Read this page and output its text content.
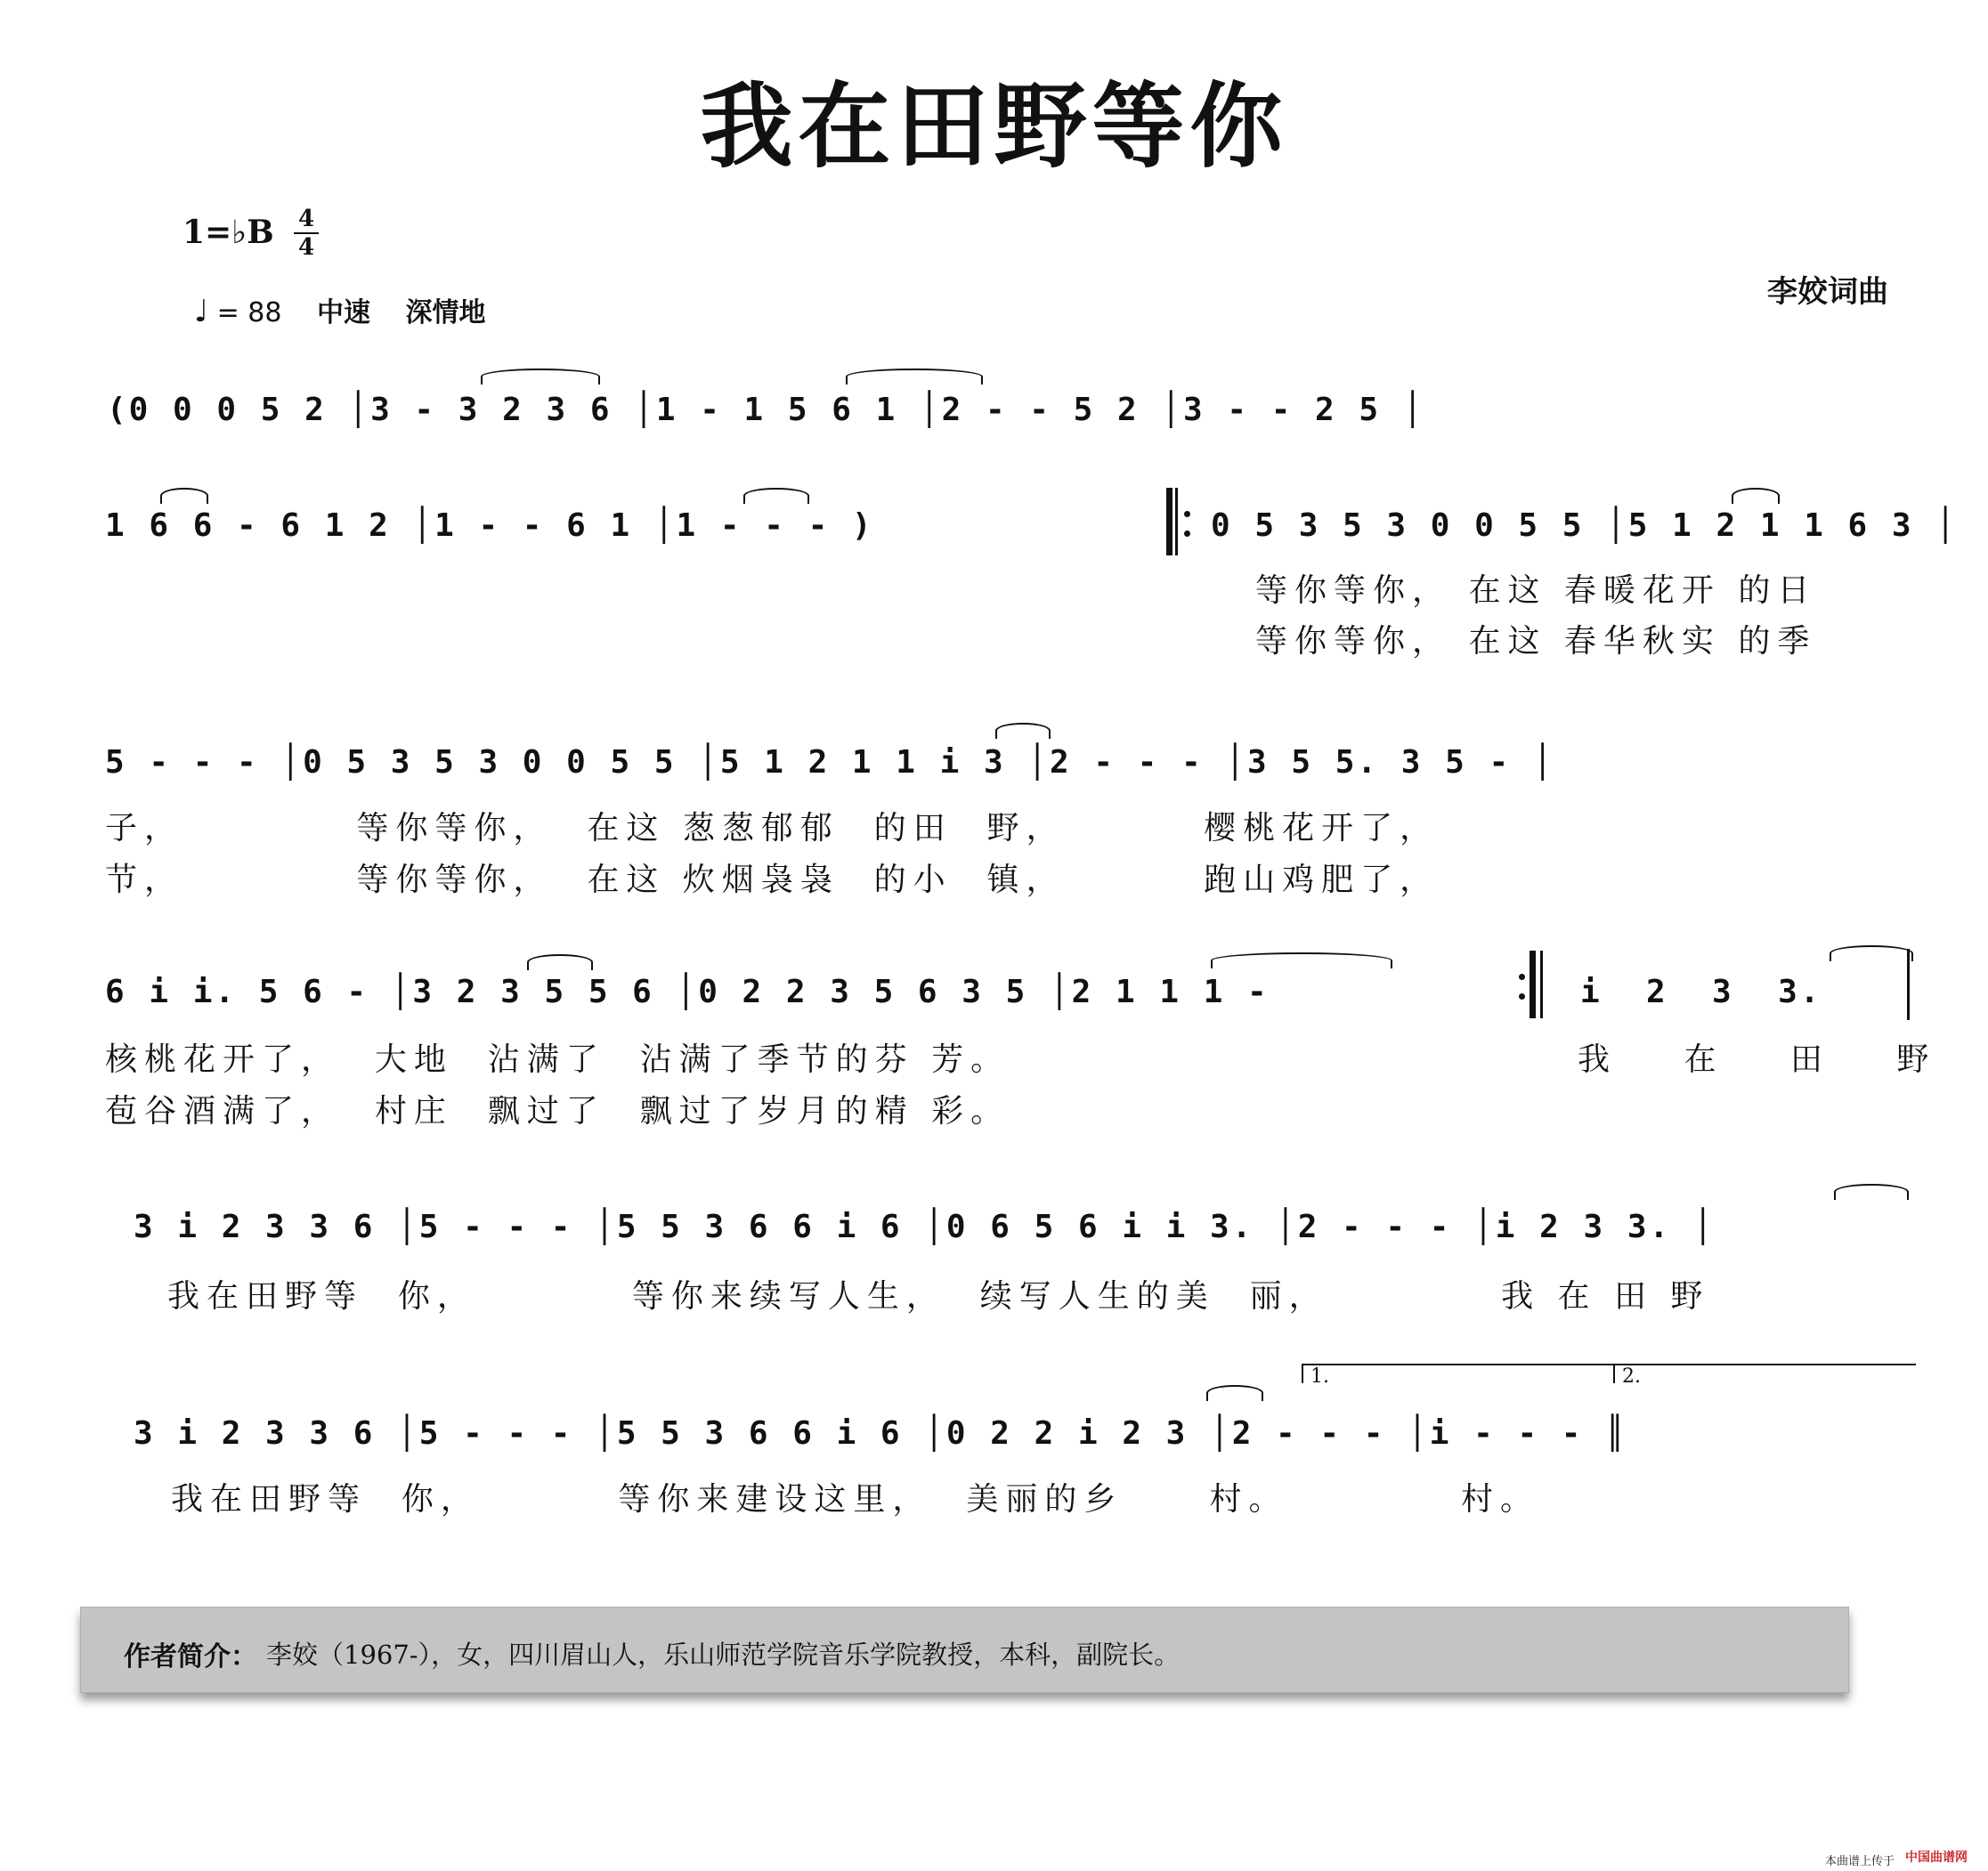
我在田野等你
1=♭B 4
4
♩ = 88 中速 深情地
李姣词曲
(0 0 0 5 2 │3 - 3 2 3 6 │1 - 1 5 6 1 │2 - - 5 2 │3 - - 2 5 │
1 6 6 - 6 1 2 │1 - - 6 1 │1 - - - )	0 5 3 5 3 0 0 5 5 │5 1 2 1 1 6 3 │
等你等你， 在这 春暖花开 的日
等你等你， 在这 春华秋实 的季
5 - - - │0 5 3 5 3 0 0 5 5 │5 1 2 1 1 i 3 │2 - - - │3 5 5. 3 5 - │
子，          等你等你，  在这 葱葱郁郁  的田  野，        樱桃花开了，
节，          等你等你，  在这 炊烟袅袅  的小  镇，        跑山鸡肥了，
6 i i. 5 6 - │3 2 3 5 5 6 │0 2 2 3 5 6 3 5 │2 1 1 1 -	i  2  3  3.
核桃花开了，  大地  沾满了  沾满了季节的芬 芳。
苞谷酒满了，  村庄  飘过了  飘过了岁月的精 彩。
我 在 田 野
3 i 2 3 3 6 │5 - - - │5 5 3 6 6 i 6 │0 6 5 6 i i 3. │2 - - - │i 2 3 3. │
我在田野等  你，         等你来续写人生，  续写人生的美  丽，          我 在 田 野
1.	2.
3 i 2 3 3 6 │5 - - - │5 5 3 6 6 i 6 │0 2 2 i 2 3 │2 - - - │i - - - ║
我在田野等  你，        等你来建设这里，  美丽的乡     村。          村。
作者简介： 李姣（1967-），女，四川眉山人，乐山师范学院音乐学院教授，本科，副院长。
本曲谱上传于 中国曲谱网
